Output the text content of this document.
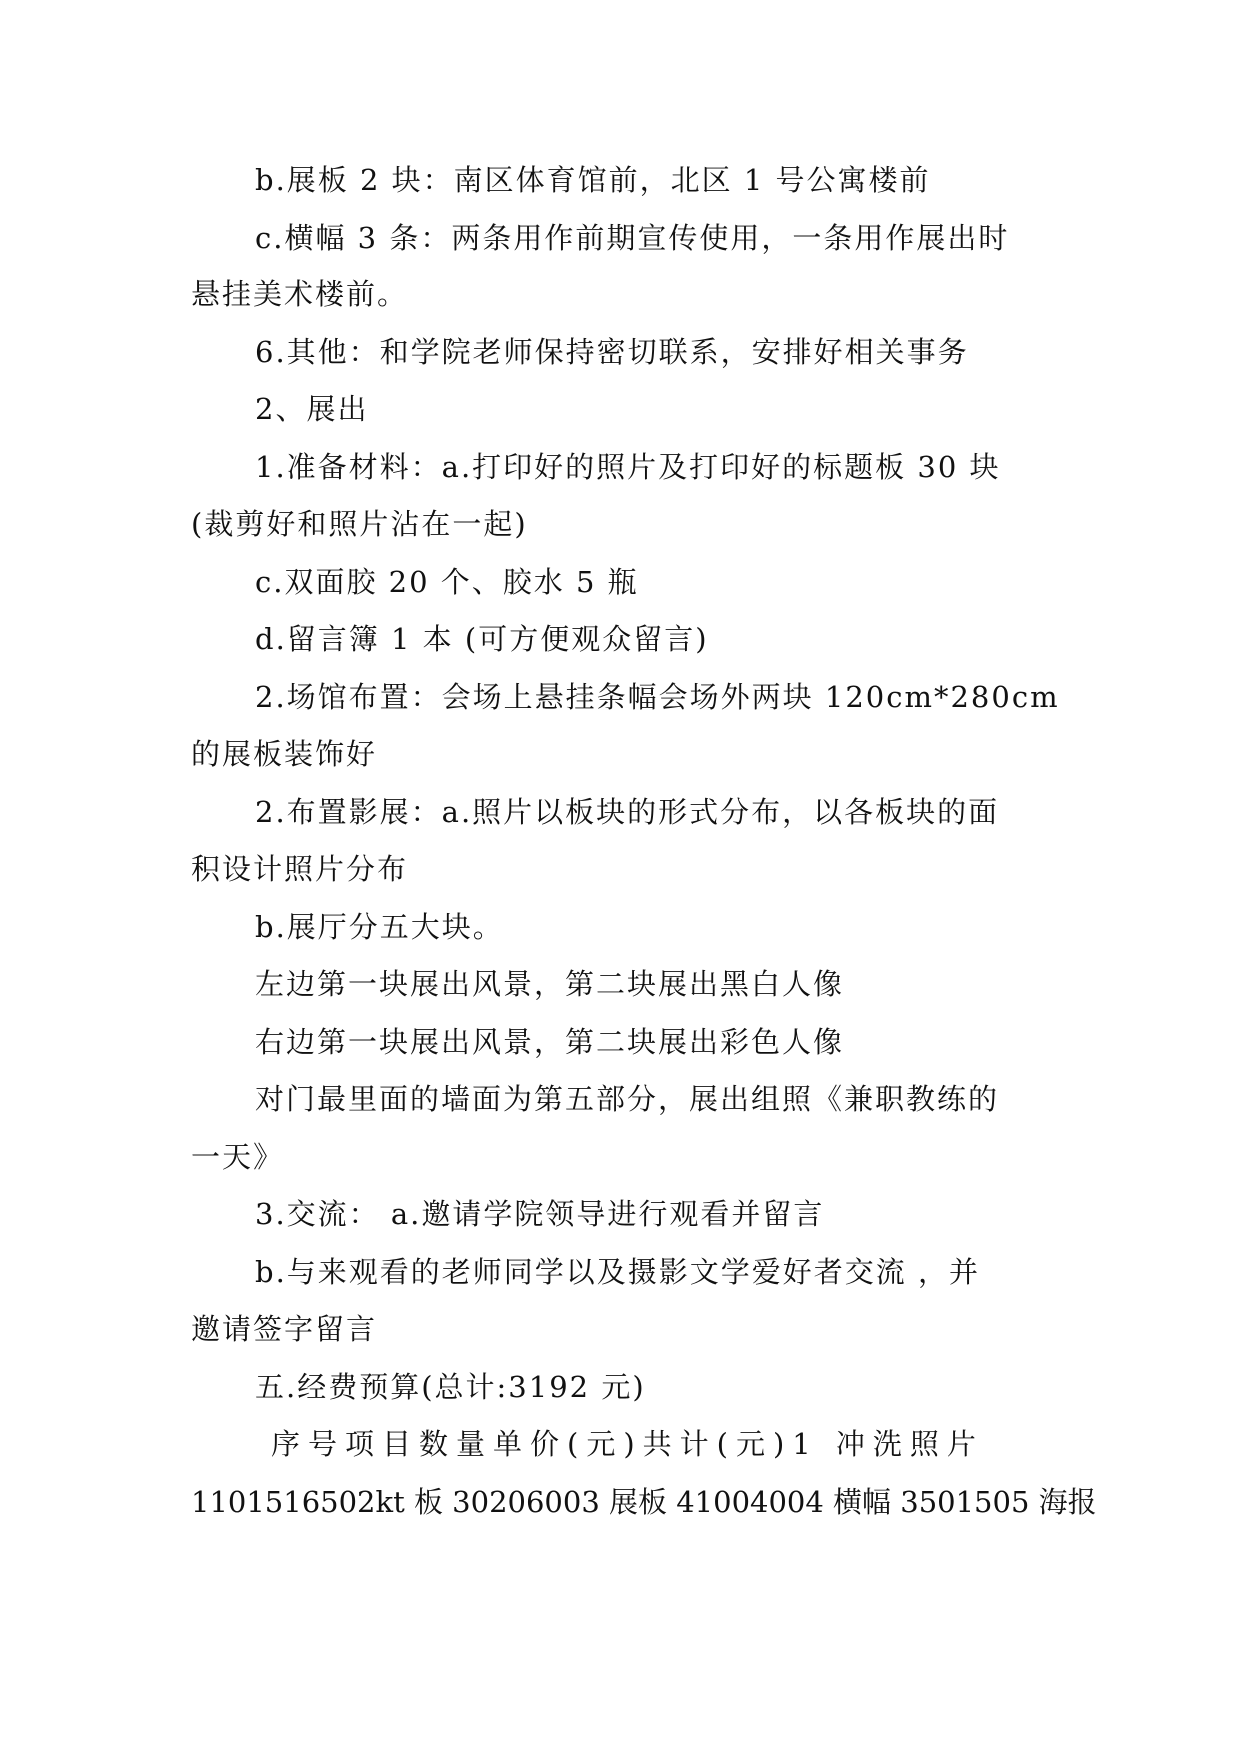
b.展板 2 块：南区体育馆前，北区 1 号公寓楼前
c.横幅 3 条：两条用作前期宣传使用，一条用作展出时
悬挂美术楼前。
6.其他：和学院老师保持密切联系，安排好相关事务
2、展出
1.准备材料：a.打印好的照片及打印好的标题板 30 块
(裁剪好和照片沾在一起)
c.双面胶 20 个、胶水 5 瓶
d.留言簿 1 本 (可方便观众留言)
2.场馆布置：会场上悬挂条幅会场外两块 120cm*280cm
的展板装饰好
2.布置影展：a.照片以板块的形式分布，以各板块的面
积设计照片分布
b.展厅分五大块。
左边第一块展出风景，第二块展出黑白人像
右边第一块展出风景，第二块展出彩色人像
对门最里面的墙面为第五部分，展出组照《兼职教练的
一天》
3.交流： a.邀请学院领导进行观看并留言
b.与来观看的老师同学以及摄影文学爱好者交流 ，并
邀请签字留言
五.经费预算(总计:3192 元)
序号项目数量单价(元)共计(元)1 冲洗照片
1101516502kt 板 30206003 展板 41004004 横幅 3501505 海报
